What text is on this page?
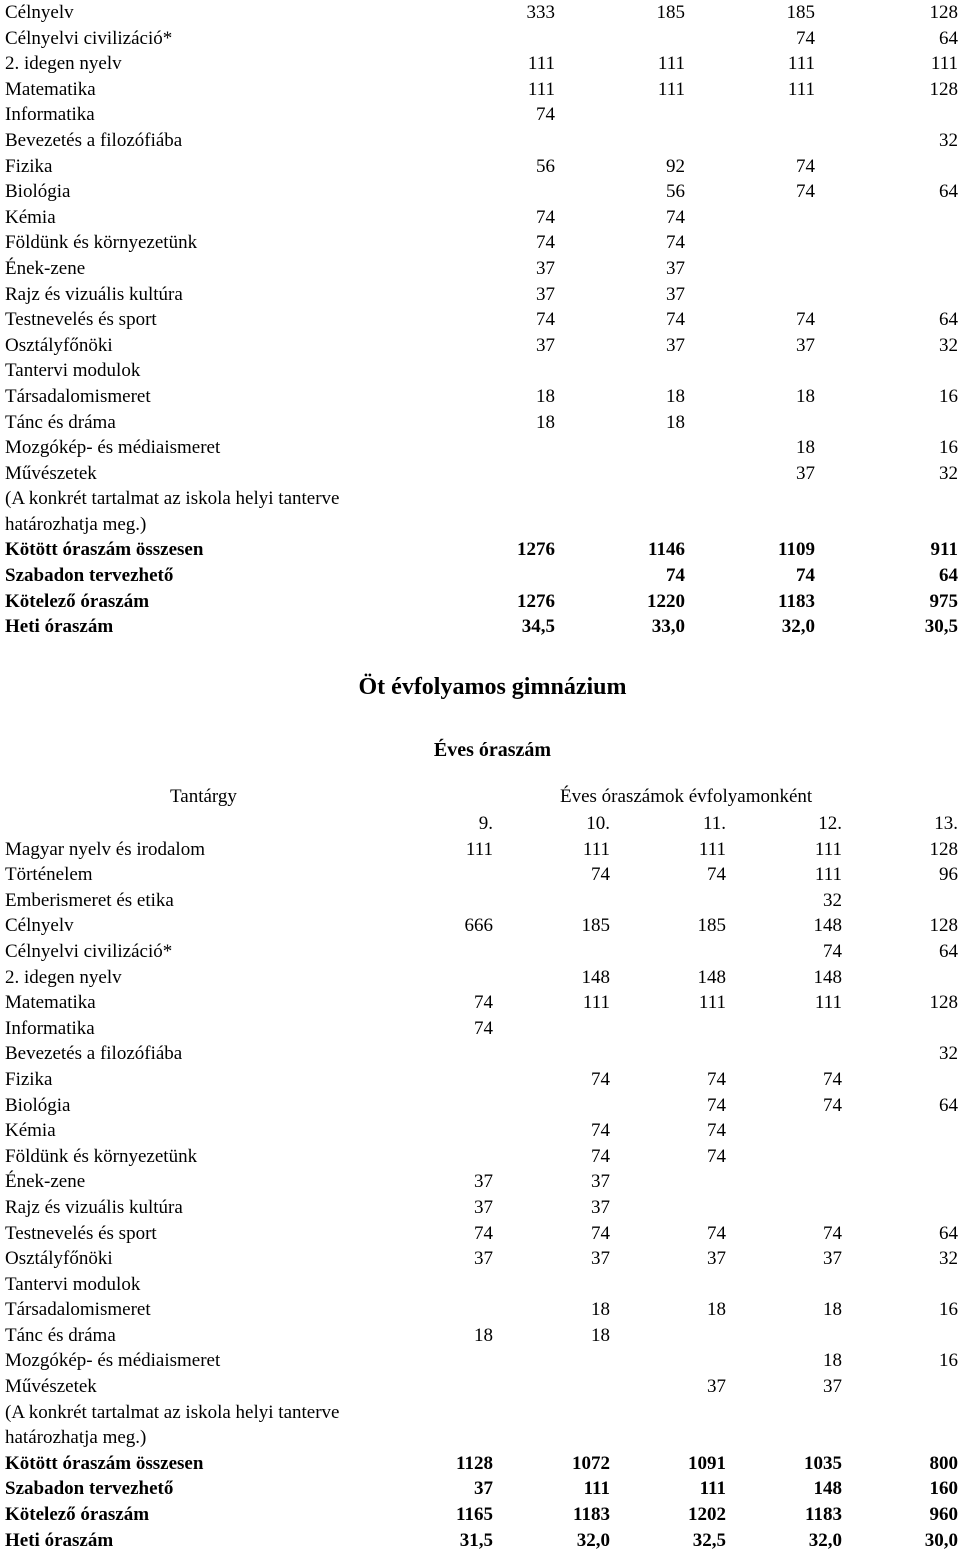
Célnyelv	333	185	185	128
Célnyelvi civilizáció*			74	64
2. idegen nyelv	111	111	111	111
Matematika	111	111	111	128
Informatika	74			
Bevezetés a filozófiába				32
Fizika	56	92	74	
Biológia		56	74	64
Kémia	74	74		
Földünk és környezetünk	74	74		
Ének-zene	37	37		
Rajz és vizuális kultúra	37	37		
Testnevelés és sport	74	74	74	64
Osztályfőnöki	37	37	37	32
Tantervi modulok				
Társadalomismeret	18	18	18	16
Tánc és dráma	18	18		
Mozgókép- és médiaismeret			18	16
Művészetek			37	32
(A konkrét tartalmat az iskola helyi tanterve				
határozhatja meg.)				
Kötött óraszám összesen	1276	1146	1109	911
Szabadon tervezhető		74	74	64
Kötelező óraszám	1276	1220	1183	975
Heti óraszám	34,5	33,0	32,0	30,5
Öt évfolyamos gimnázium
Éves óraszám
Tantárgy	Éves óraszámok évfolyamonként
	9.	10.	11.	12.	13.
Magyar nyelv és irodalom	111	111	111	111	128
Történelem		74	74	111	96
Emberismeret és etika				32	
Célnyelv	666	185	185	148	128
Célnyelvi civilizáció*				74	64
2. idegen nyelv		148	148	148	
Matematika	74	111	111	111	128
Informatika	74				
Bevezetés a filozófiába					32
Fizika		74	74	74	
Biológia			74	74	64
Kémia		74	74		
Földünk és környezetünk		74	74		
Ének-zene	37	37			
Rajz és vizuális kultúra	37	37			
Testnevelés és sport	74	74	74	74	64
Osztályfőnöki	37	37	37	37	32
Tantervi modulok					
Társadalomismeret		18	18	18	16
Tánc és dráma	18	18			
Mozgókép- és médiaismeret				18	16
Művészetek			37	37	
(A konkrét tartalmat az iskola helyi tanterve					
határozhatja meg.)					
Kötött óraszám összesen	1128	1072	1091	1035	800
Szabadon tervezhető	37	111	111	148	160
Kötelező óraszám	1165	1183	1202	1183	960
Heti óraszám	31,5	32,0	32,5	32,0	30,0
